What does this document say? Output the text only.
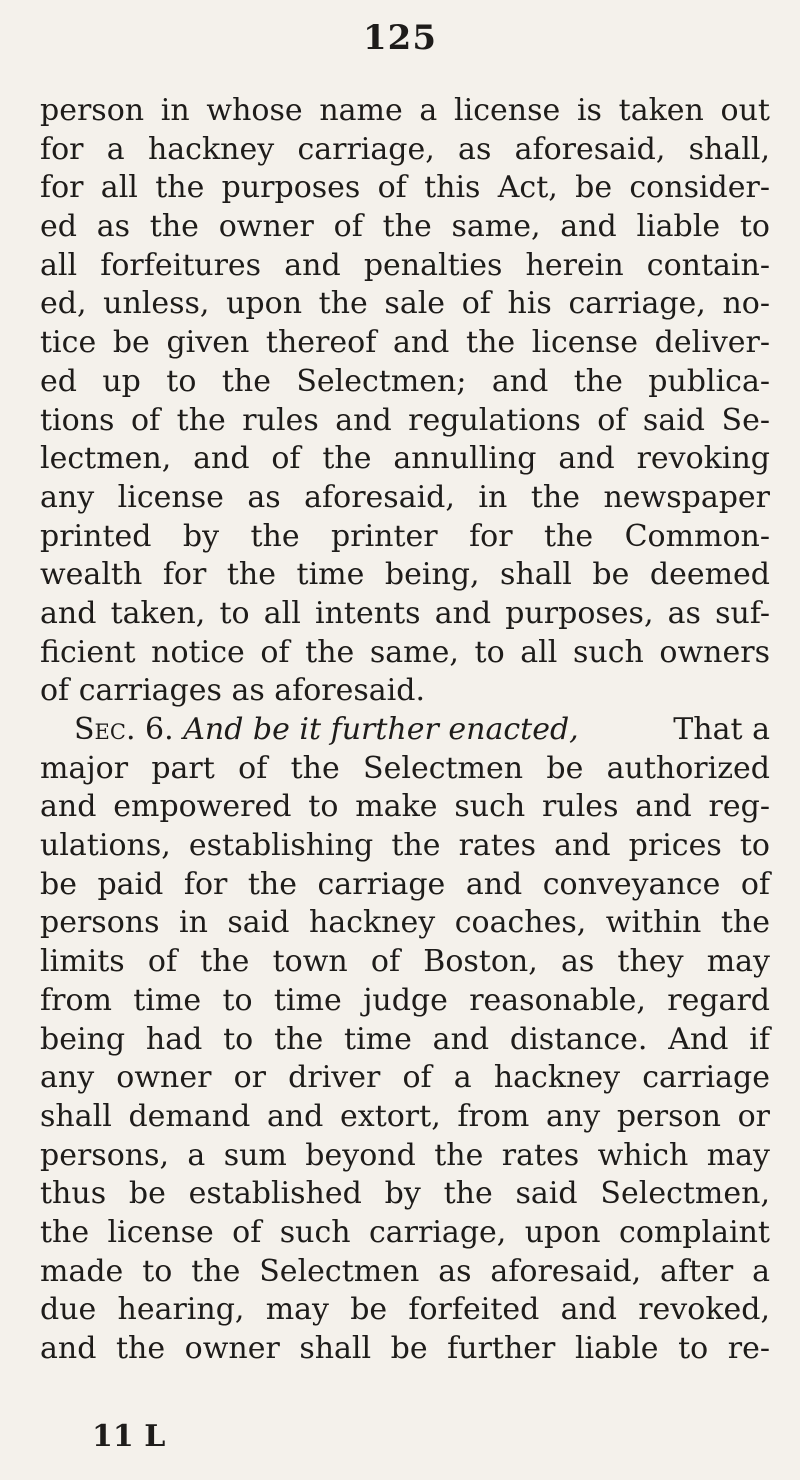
125
person in whose name a license is taken out
for a hackney carriage, as aforesaid, shall,
for all the purposes of this Act, be consider-
ed as the owner of the same, and liable to
all forfeitures and penalties herein contain-
ed, unless, upon the sale of his carriage, no-
tice be given thereof and the license deliver-
ed up to the Selectmen; and the publica-
tions of the rules and regulations of said Se-
lectmen, and of the annulling and revoking
any license as aforesaid, in the newspaper
printed by the printer for the Common-
wealth for the time being, shall be deemed
and taken, to all intents and purposes, as suf-
ficient notice of the same, to all such owners
of carriages as aforesaid.
Sec. 6. And be it further enacted,	That a
major part of the Selectmen be authorized
and empowered to make such rules and reg-
ulations, establishing the rates and prices to
be paid for the carriage and conveyance of
persons in said hackney coaches, within the
limits of the town of Boston, as they may
from time to time judge reasonable, regard
being had to the time and distance. And if
any owner or driver of a hackney carriage
shall demand and extort, from any person or
persons, a sum beyond the rates which may
thus be established by the said Selectmen,
the license of such carriage, upon complaint
made to the Selectmen as aforesaid, after a
due hearing, may be forfeited and revoked,
and the owner shall be further liable to re-
11 L
